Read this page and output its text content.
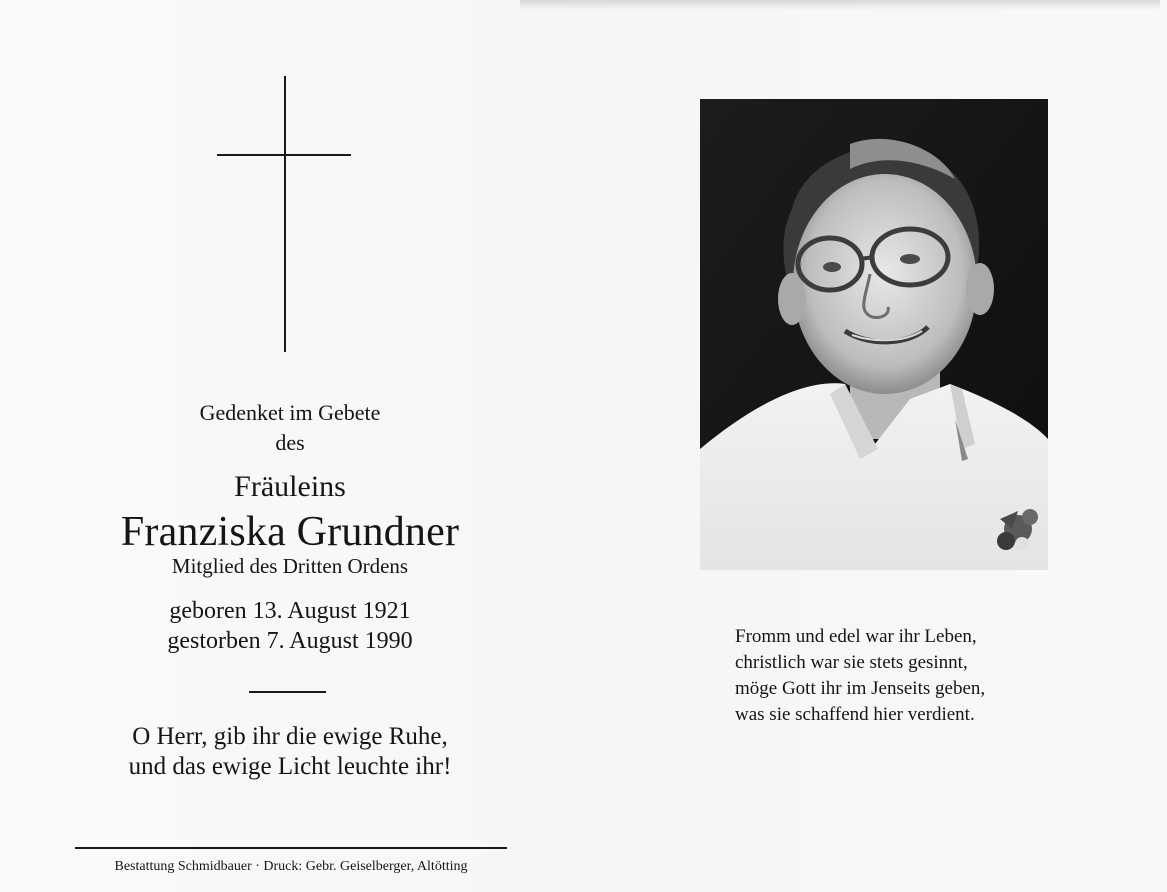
Gedenket im Gebete
des
Fräuleins
Franziska Grundner
Mitglied des Dritten Ordens
geboren 13. August 1921
gestorben 7. August 1990
O Herr, gib ihr die ewige Ruhe,
und das ewige Licht leuchte ihr!
Bestattung Schmidbauer · Druck: Gebr. Geiselberger, Altötting
Fromm und edel war ihr Leben,
christlich war sie stets gesinnt,
möge Gott ihr im Jenseits geben,
was sie schaffend hier verdient.
